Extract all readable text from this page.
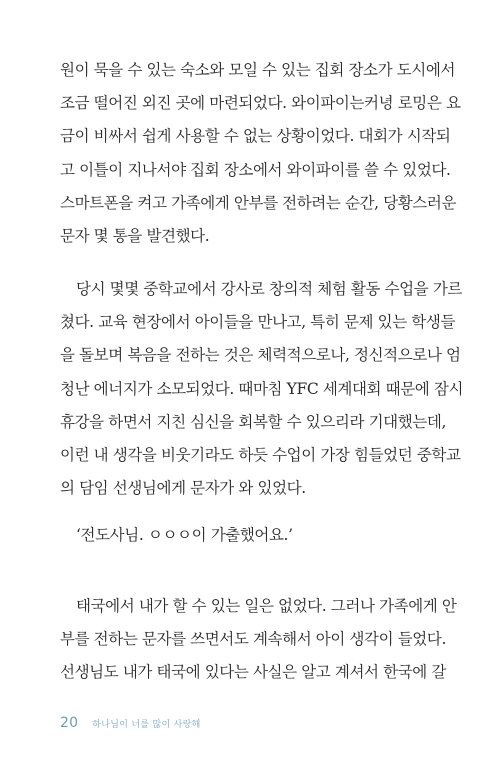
원이 묵을 수 있는 숙소와 모일 수 있는 집회 장소가 도시에서
조금 떨어진 외진 곳에 마련되었다. 와이파이는커녕 로밍은 요
금이 비싸서 쉽게 사용할 수 없는 상황이었다. 대회가 시작되
고 이틀이 지나서야 집회 장소에서 와이파이를 쓸 수 있었다.
스마트폰을 켜고 가족에게 안부를 전하려는 순간, 당황스러운
문자 몇 통을 발견했다.

당시 몇몇 중학교에서 강사로 창의적 체험 활동 수업을 가르
쳤다. 교육 현장에서 아이들을 만나고, 특히 문제 있는 학생들
을 돌보며 복음을 전하는 것은 체력적으로나, 정신적으로나 엄
청난 에너지가 소모되었다. 때마침 YFC 세계대회 때문에 잠시
휴강을 하면서 지친 심신을 회복할 수 있으리라 기대했는데,
이런 내 생각을 비웃기라도 하듯 수업이 가장 힘들었던 중학교
의 담임 선생님에게 문자가 와 있었다.

‘전도사님. ㅇㅇㅇ이 가출했어요.’

태국에서 내가 할 수 있는 일은 없었다. 그러나 가족에게 안
부를 전하는 문자를 쓰면서도 계속해서 아이 생각이 들었다.
선생님도 내가 태국에 있다는 사실은 알고 계셔서 한국에 갈

20 하나님이 너를 많이 사랑해
